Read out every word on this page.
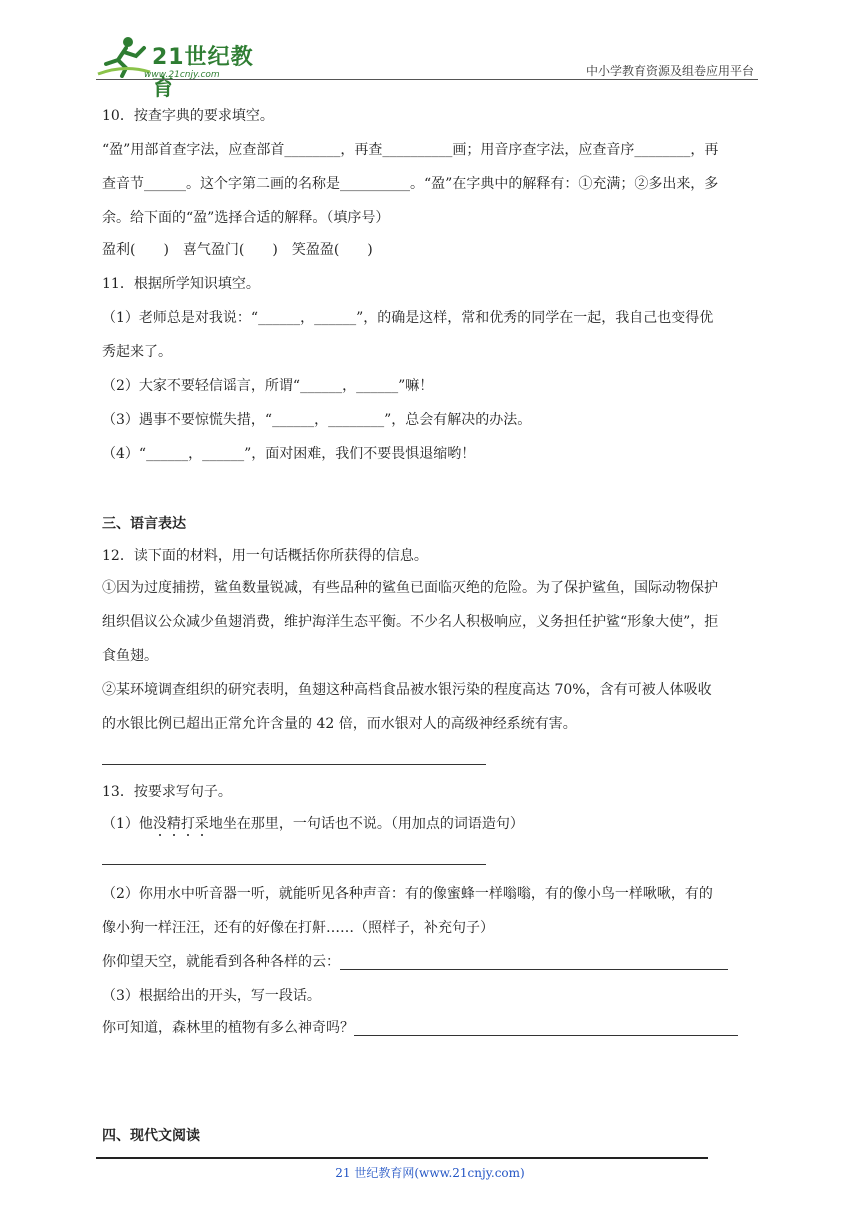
21世纪教育
www.21cnjy.com	中小学教育资源及组卷应用平台
10．按查字典的要求填空。
“盈”用部首查字法，应查部首________，再查__________画；用音序查字法，应查音序________，再
查音节______。这个字第二画的名称是__________。“盈”在字典中的解释有：①充满；②多出来，多
余。给下面的“盈”选择合适的解释。（填序号）
盈利(　　)　喜气盈门(　　)　笑盈盈(　　)
11．根据所学知识填空。
（1）老师总是对我说：“______，______”，的确是这样，常和优秀的同学在一起，我自己也变得优
秀起来了。
（2）大家不要轻信谣言，所谓“______，______”嘛！
（3）遇事不要惊慌失措，“______，________”，总会有解决的办法。
（4）“______，______”，面对困难，我们不要畏惧退缩哟！
三、语言表达
12．读下面的材料，用一句话概括你所获得的信息。
①因为过度捕捞，鲨鱼数量锐减，有些品种的鲨鱼已面临灭绝的危险。为了保护鲨鱼，国际动物保护
组织倡议公众减少鱼翅消费，维护海洋生态平衡。不少名人积极响应，义务担任护鲨“形象大使”，拒
食鱼翅。
②某环境调查组织的研究表明，鱼翅这种高档食品被水银污染的程度高达 70%，含有可被人体吸收
的水银比例已超出正常允许含量的 42 倍，而水银对人的高级神经系统有害。
13．按要求写句子。
（1）他没精打采地坐在那里，一句话也不说。（用加点的词语造句）
（2）你用水中听音器一听，就能听见各种声音：有的像蜜蜂一样嗡嗡，有的像小鸟一样啾啾，有的
像小狗一样汪汪，还有的好像在打鼾……（照样子，补充句子）
你仰望天空，就能看到各种各样的云：
（3）根据给出的开头，写一段话。
你可知道，森林里的植物有多么神奇吗？
四、现代文阅读
21 世纪教育网(www.21cnjy.com)
